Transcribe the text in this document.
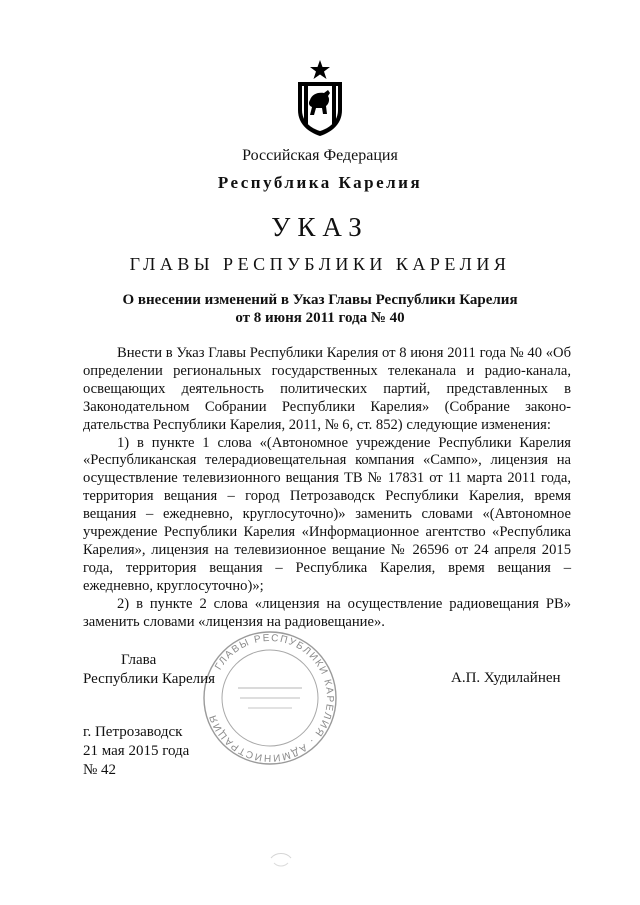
Российская Федерация
Республика Карелия
УКАЗ
ГЛАВЫ РЕСПУБЛИКИ КАРЕЛИЯ
О внесении изменений в Указ Главы Республики Карелия
от 8 июня 2011 года № 40

Внести в Указ Главы Республики Карелия от 8 июня 2011 года № 40 «Об определении региональных государственных телеканала и радио-канала, освещающих деятельность политических партий, представленных в Законодательном Собрании Республики Карелия» (Собрание законо-дательства Республики Карелия, 2011, № 6, ст. 852) следующие изменения:

1) в пункте 1 слова «(Автономное учреждение Республики Карелия «Республиканская телерадиовещательная компания «Сампо», лицензия на осуществление телевизионного вещания ТВ № 17831 от 11 марта 2011 года, территория вещания – город Петрозаводск Республики Карелия, время вещания – ежедневно, круглосуточно)» заменить словами «(Автономное учреждение Республики Карелия «Информационное агентство «Республика Карелия», лицензия на телевизионное вещание № 26596 от 24 апреля 2015 года, территория вещания – Республика Карелия, время вещания – ежедневно, круглосуточно)»;

2) в пункте 2 слова «лицензия на осуществление радиовещания РВ» заменить словами «лицензия на радиовещание».

ГЛАВЫ РЕСПУБЛИКИ КАРЕЛИЯ · АДМИНИСТРАЦИЯ
Глава
Республики Карелия	А.П. Худилайнен
г. Петрозаводск
21 мая 2015 года
№ 42
